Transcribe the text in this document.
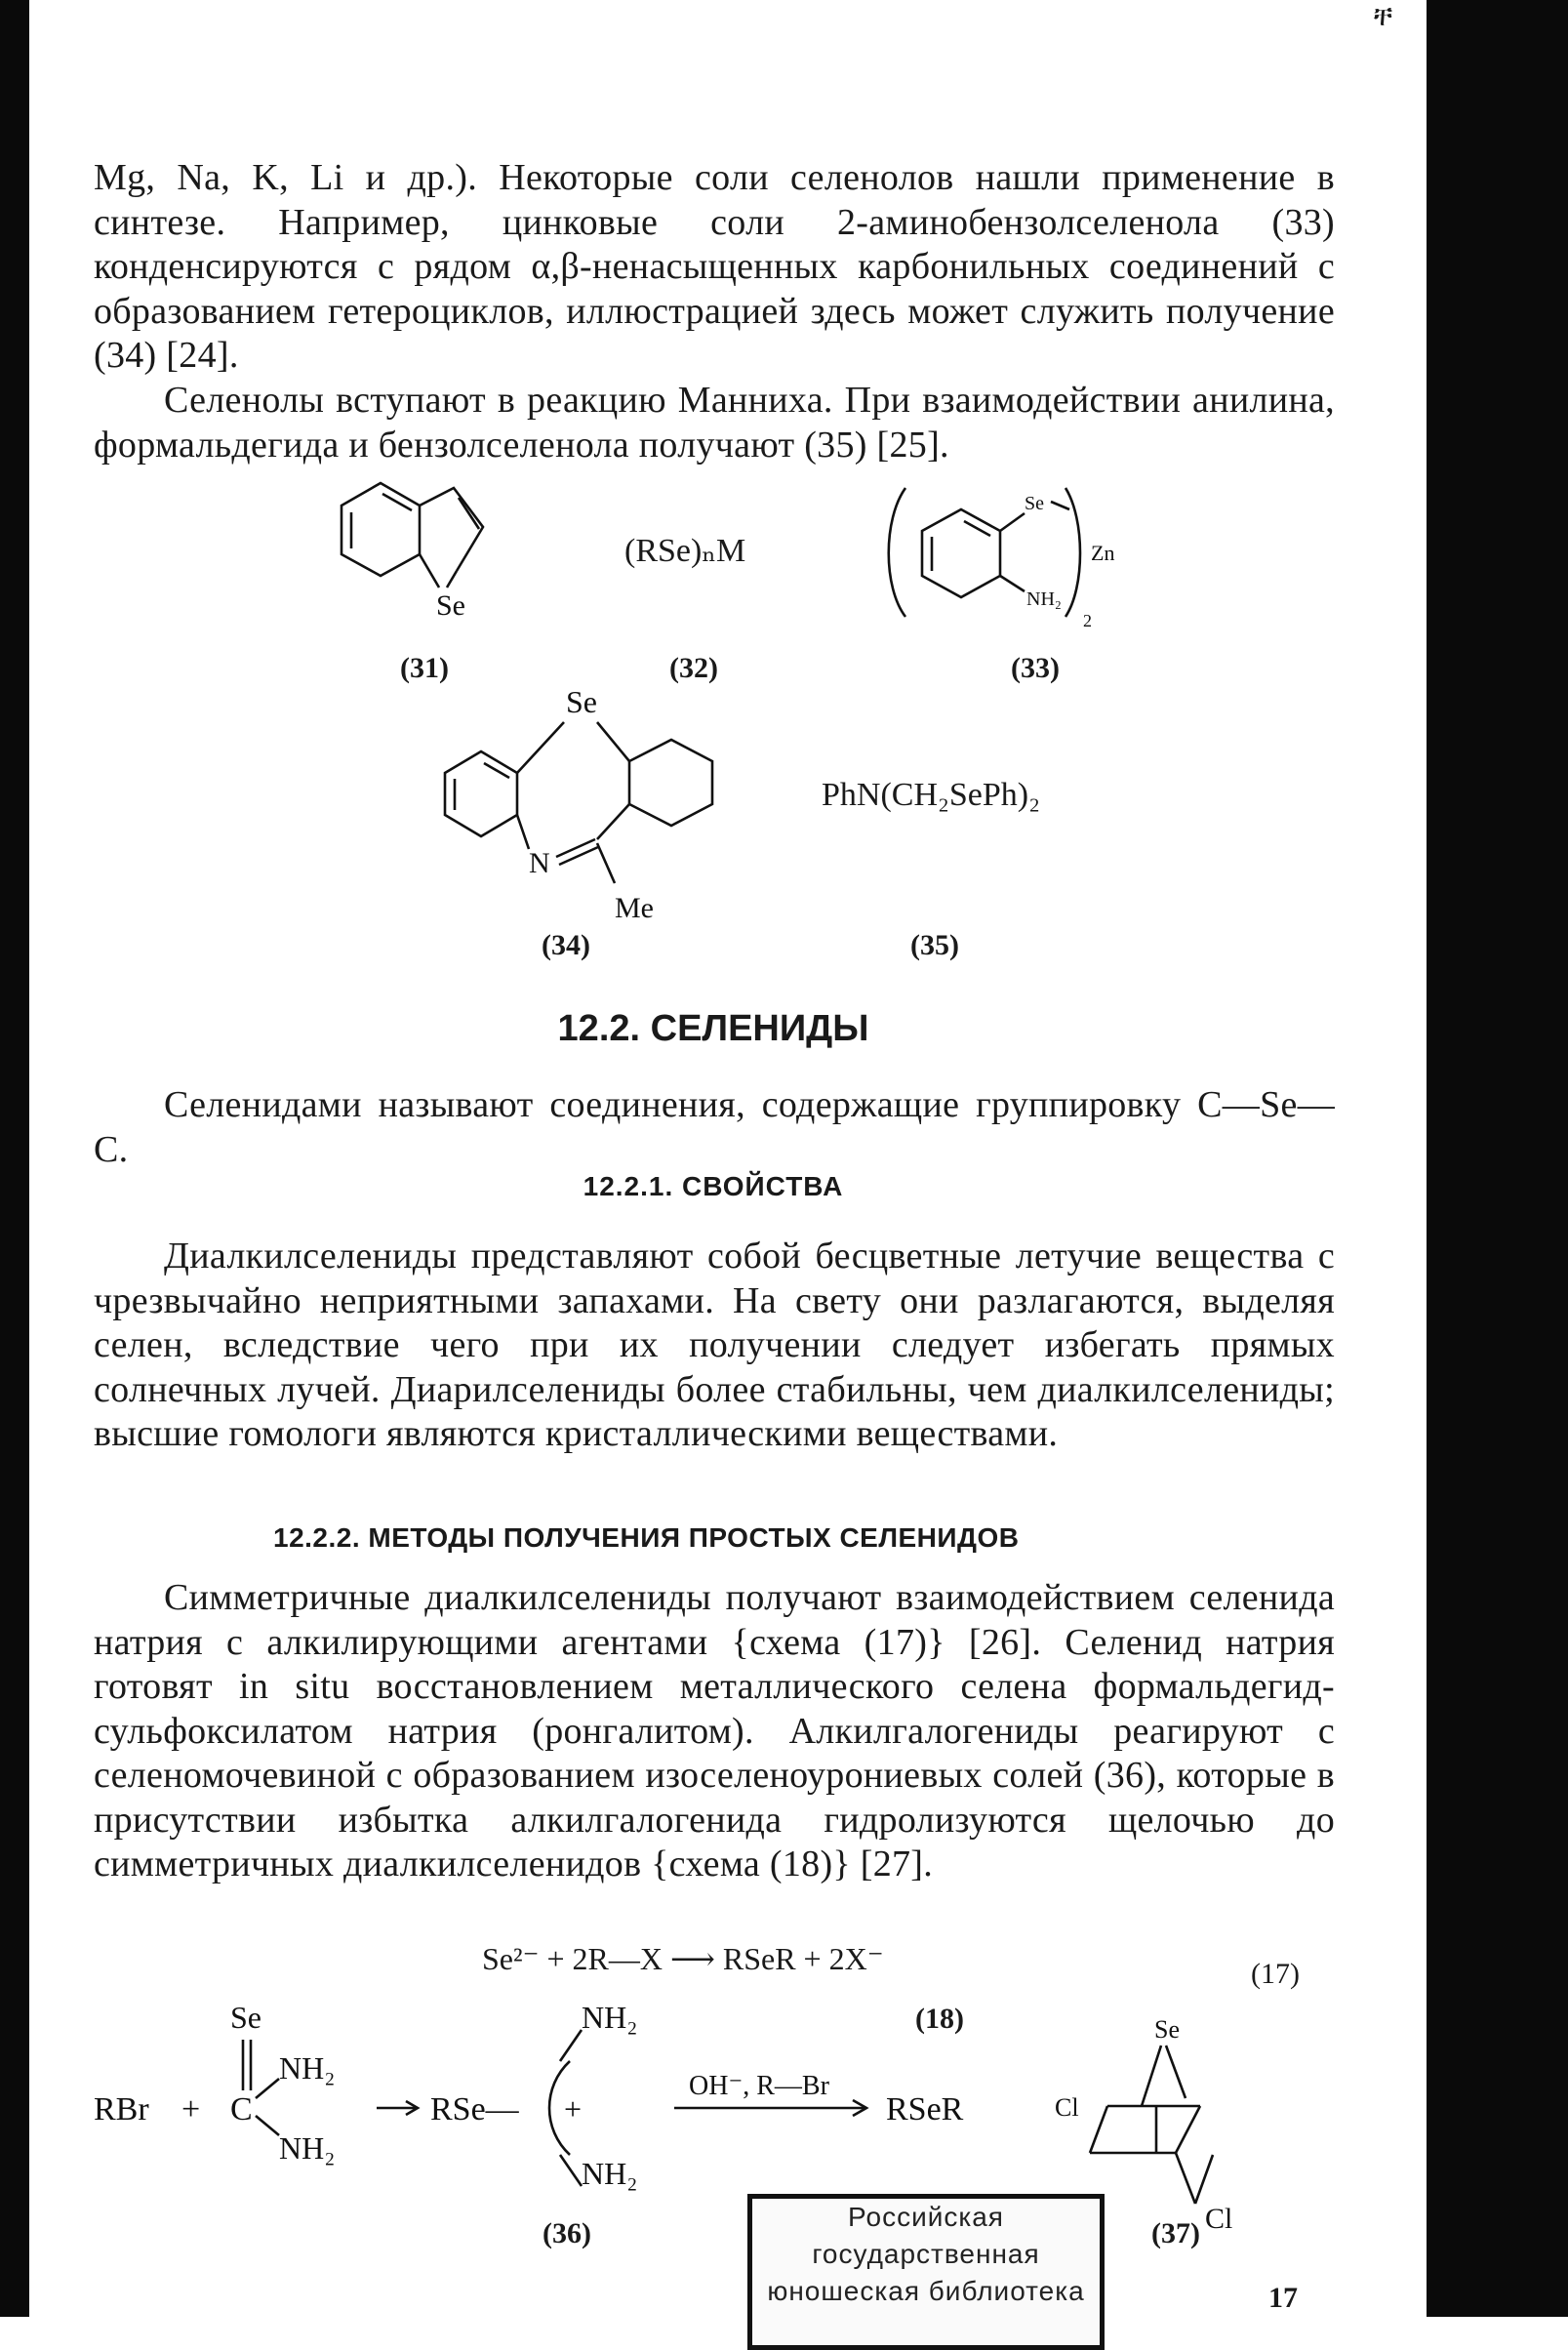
ቸ

Mg, Na, K, Li и др.). Некоторые соли селенолов нашли применение в синтезе. Например, цинковые соли 2-аминобензолселенола (33) конденсируются с рядом α,β-ненасыщенных карбонильных соединений с образованием гетероциклов, иллюстрацией здесь может служить получение (34) [24].

Селенолы вступают в реакцию Манниха. При взаимодействии анилина, формальдегида и бензолселенола получают (35) [25].

Se
(31)
(RSe)ₙM
(32)
Se
Zn
NH₂
2
(33)
Se
N
Me
(34)
PhN(CH₂SePh)₂
(35)
12.2. СЕЛЕНИДЫ

Селенидами называют соединения, содержащие группировку C—Se—C.

12.2.1. СВОЙСТВА

Диалкилселениды представляют собой бесцветные летучие вещества с чрезвычайно неприятными запахами. На свету они разлагаются, выделяя селен, вследствие чего при их получении следует избегать прямых солнечных лучей. Диарилселениды более стабильны, чем диалкилселениды; высшие гомологи являются кристаллическими веществами.

12.2.2. МЕТОДЫ ПОЛУЧЕНИЯ ПРОСТЫХ СЕЛЕНИДОВ

Симметричные диалкилселениды получают взаимодействием селенида натрия с алкилирующими агентами {схема (17)} [26]. Селенид натрия готовят in situ восстановлением металлического селена формальдегид-сульфоксилатом натрия (ронгалитом). Алкилгалогениды реагируют с селеномочевиной с образованием изоселеноурониевых солей (36), которые в присутствии избытка алкилгалогенида гидролизуются щелочью до симметричных диалкилселенидов {схема (18)} [27].

Se²⁻ + 2R—X ⟶ RSeR + 2X⁻	(17)
(18)
RBr +
Se
C
NH₂
NH₂
RSe— +
NH₂
NH₂
OH⁻, R—Br
RSeR
Se
Cl
Cl
(36)	(37)
Российская
государственная
юношеская библиотека	17
